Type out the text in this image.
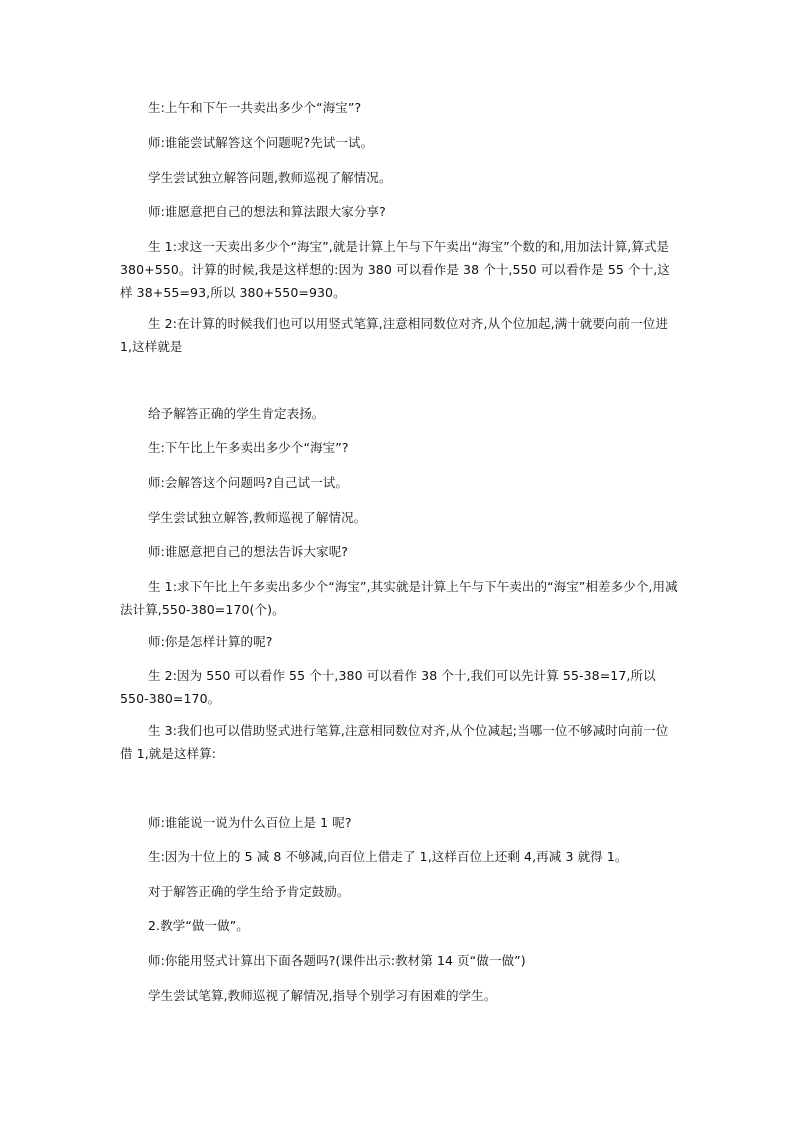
生:上午和下午一共卖出多少个“海宝”?

师:谁能尝试解答这个问题呢?先试一试。

学生尝试独立解答问题,教师巡视了解情况。

师:谁愿意把自己的想法和算法跟大家分享?

生 1:求这一天卖出多少个“海宝”,就是计算上午与下午卖出“海宝”个数的和,用加法计算,算式是 380+550。计算的时候,我是这样想的:因为 380 可以看作是 38 个十,550 可以看作是 55 个十,这样 38+55=93,所以 380+550=930。

生 2:在计算的时候我们也可以用竖式笔算,注意相同数位对齐,从个位加起,满十就要向前一位进 1,这样就是

给予解答正确的学生肯定表扬。

生:下午比上午多卖出多少个“海宝”?

师:会解答这个问题吗?自己试一试。

学生尝试独立解答,教师巡视了解情况。

师:谁愿意把自己的想法告诉大家呢?

生 1:求下午比上午多卖出多少个“海宝”,其实就是计算上午与下午卖出的“海宝”相差多少个,用减法计算,550-380=170(个)。

师:你是怎样计算的呢?

生 2:因为 550 可以看作 55 个十,380 可以看作 38 个十,我们可以先计算 55-38=17,所以 550-380=170。

生 3:我们也可以借助竖式进行笔算,注意相同数位对齐,从个位减起;当哪一位不够减时向前一位借 1,就是这样算:

师:谁能说一说为什么百位上是 1 呢?

生:因为十位上的 5 减 8 不够减,向百位上借走了 1,这样百位上还剩 4,再减 3 就得 1。

对于解答正确的学生给予肯定鼓励。

2.教学“做一做”。

师:你能用竖式计算出下面各题吗?(课件出示:教材第 14 页“做一做”)

学生尝试笔算,教师巡视了解情况,指导个别学习有困难的学生。
